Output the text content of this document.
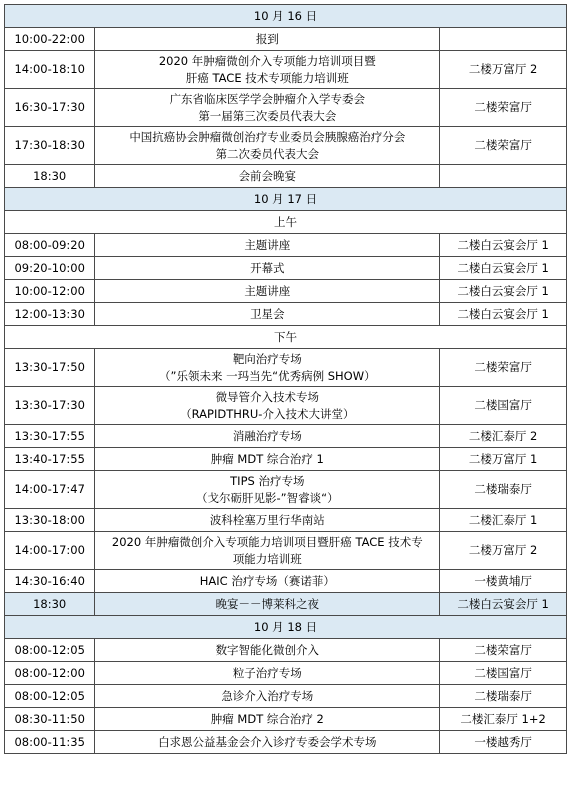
10 月 16 日		

10:00-22:00	报到	

14:00-18:10	2020 年肿瘤微创介入专项能力培训项目暨
肝癌 TACE 技术专项能力培训班	二楼万富厅 2

16:30-17:30	广东省临床医学学会肿瘤介入学专委会
第一届第三次委员代表大会	二楼荣富厅

17:30-18:30	中国抗癌协会肿瘤微创治疗专业委员会胰腺癌治疗分会
第二次委员代表大会	二楼荣富厅

18:30	会前会晚宴	

10 月 17 日		
上午		

08:00-09:20	主题讲座	二楼白云宴会厅 1

09:20-10:00	开幕式	二楼白云宴会厅 1

10:00-12:00	主题讲座	二楼白云宴会厅 1

12:00-13:30	卫星会	二楼白云宴会厅 1

下午		

13:30-17:50	靶向治疗专场
（”乐领未来 一玛当先“优秀病例 SHOW）	二楼荣富厅

13:30-17:30	微导管介入技术专场
（RAPIDTHRU-介入技术大讲堂）	二楼国富厅

13:30-17:55	消融治疗专场	二楼汇泰厅 2

13:40-17:55	肿瘤 MDT 综合治疗 1	二楼万富厅 1

14:00-17:47	TIPS 治疗专场
（戈尔砺肝见影-”智睿谈“）	二楼瑞泰厅

13:30-18:00	波科栓塞万里行华南站	二楼汇泰厅 1

14:00-17:00	2020 年肿瘤微创介入专项能力培训项目暨肝癌 TACE 技术专
项能力培训班	二楼万富厅 2

14:30-16:40	HAIC 治疗专场（赛诺菲）	一楼黄埔厅

18:30	晚宴－－博莱科之夜	二楼白云宴会厅 1

10 月 18 日		

08:00-12:05	数字智能化微创介入	二楼荣富厅

08:00-12:00	粒子治疗专场	二楼国富厅

08:00-12:05	急诊介入治疗专场	二楼瑞泰厅

08:30-11:50	肿瘤 MDT 综合治疗 2	二楼汇泰厅 1+2

08:00-11:35	白求恩公益基金会介入诊疗专委会学术专场	一楼越秀厅
